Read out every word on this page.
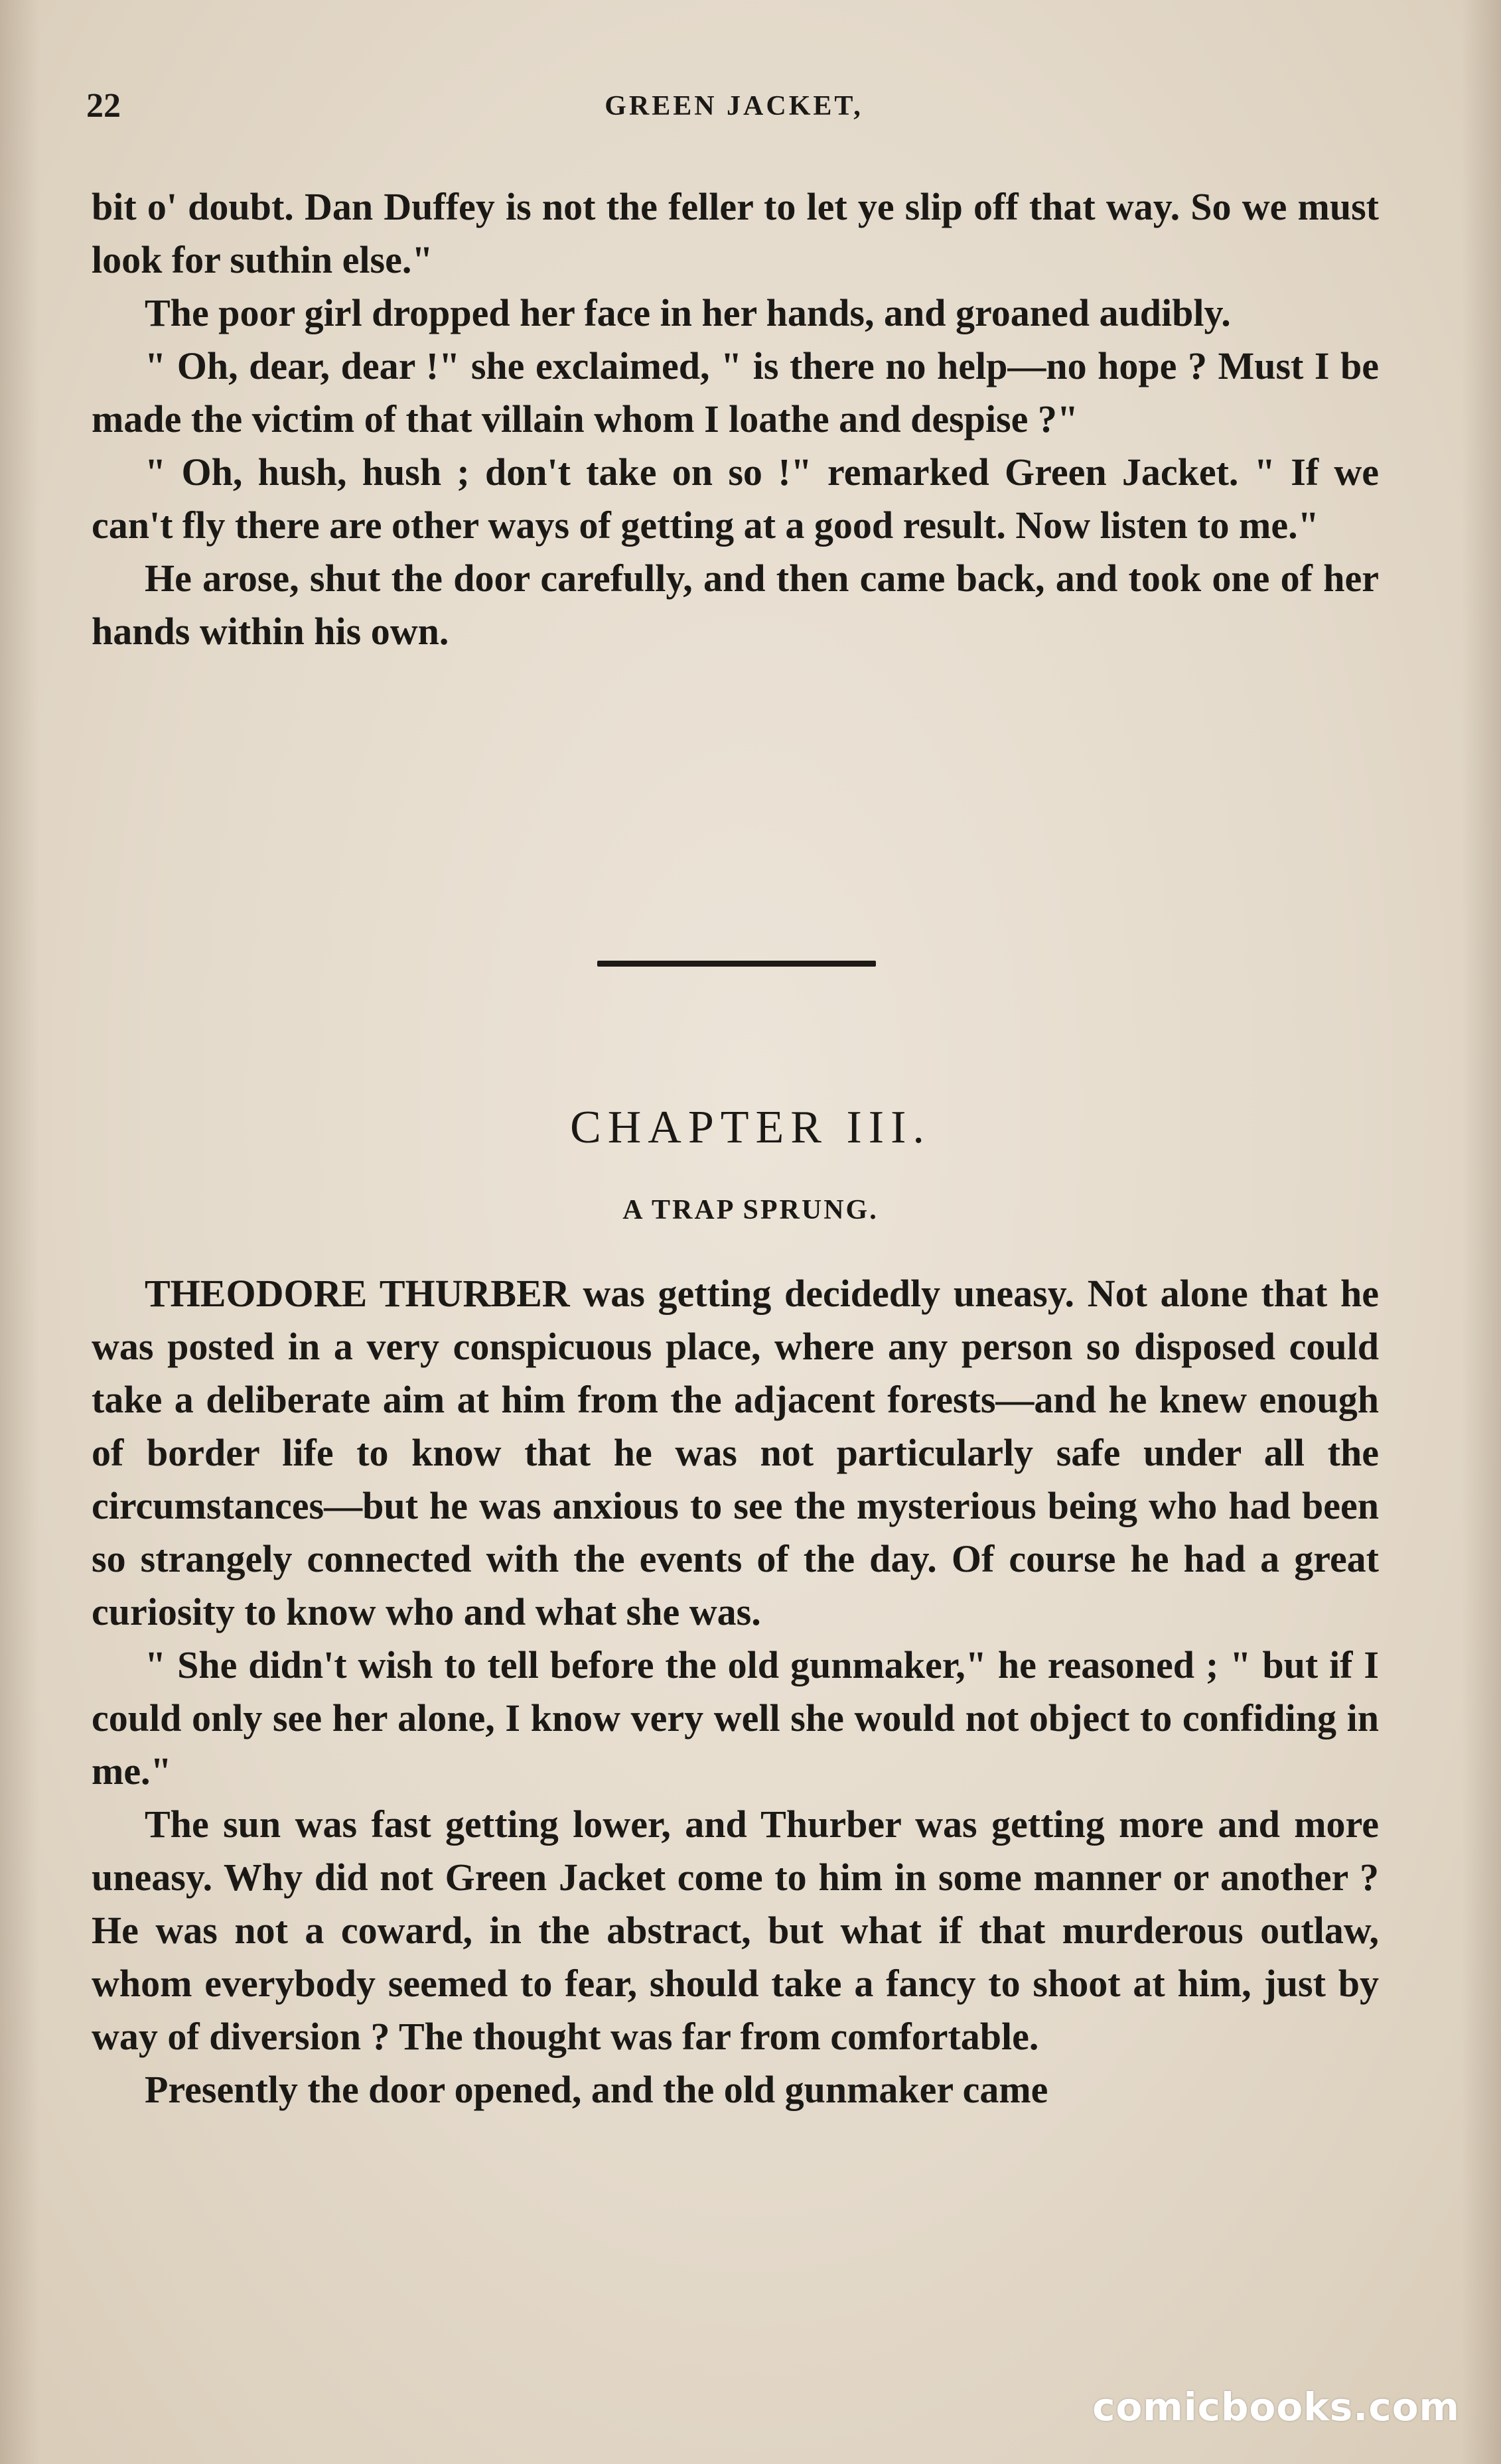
22	GREEN JACKET,

bit o' doubt. Dan Duffey is not the feller to let ye slip off that way. So we must look for suthin else."

The poor girl dropped her face in her hands, and groaned audibly.

" Oh, dear, dear !" she exclaimed, " is there no help—no hope ? Must I be made the victim of that villain whom I loathe and despise ?"

" Oh, hush, hush ; don't take on so !" remarked Green Jacket. " If we can't fly there are other ways of getting at a good result. Now listen to me."

He arose, shut the door carefully, and then came back, and took one of her hands within his own.

CHAPTER III.
A TRAP SPRUNG.

THEODORE THURBER was getting decidedly uneasy. Not alone that he was posted in a very conspicuous place, where any person so disposed could take a deliberate aim at him from the adjacent forests—and he knew enough of border life to know that he was not particularly safe under all the circumstances—but he was anxious to see the mysterious being who had been so strangely connected with the events of the day. Of course he had a great curiosity to know who and what she was.

" She didn't wish to tell before the old gunmaker," he reasoned ; " but if I could only see her alone, I know very well she would not object to confiding in me."

The sun was fast getting lower, and Thurber was getting more and more uneasy. Why did not Green Jacket come to him in some manner or another ? He was not a coward, in the abstract, but what if that murderous outlaw, whom everybody seemed to fear, should take a fancy to shoot at him, just by way of diversion ? The thought was far from comfortable.

Presently the door opened, and the old gunmaker came

comicbooks.com
